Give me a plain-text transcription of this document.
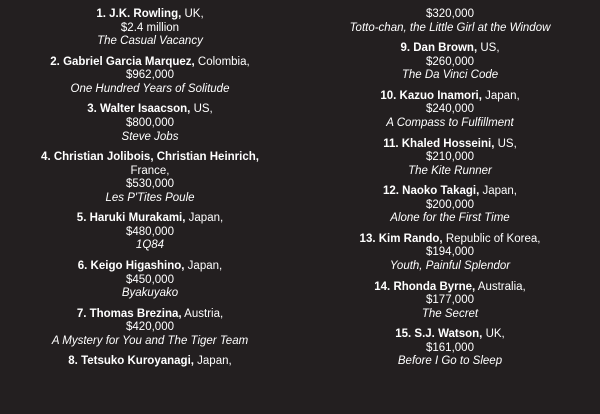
1. J.K. Rowling, UK,
$2.4 million
The Casual Vacancy
2. Gabriel Garcia Marquez, Colombia,
$962,000
One Hundred Years of Solitude
3. Walter Isaacson, US,
$800,000
Steve Jobs
4. Christian Jolibois, Christian Heinrich,
France,
$530,000
Les P'Tites Poule
5. Haruki Murakami, Japan,
$480,000
1Q84
6. Keigo Higashino, Japan,
$450,000
Byakuyako
7. Thomas Brezina, Austria,
$420,000
A Mystery for You and The Tiger Team
8. Tetsuko Kuroyanagi, Japan,
$320,000
Totto-chan, the Little Girl at the Window
9. Dan Brown, US,
$260,000
The Da Vinci Code
10. Kazuo Inamori, Japan,
$240,000
A Compass to Fulfillment
11. Khaled Hosseini, US,
$210,000
The Kite Runner
12. Naoko Takagi, Japan,
$200,000
Alone for the First Time
13. Kim Rando, Republic of Korea,
$194,000
Youth, Painful Splendor
14. Rhonda Byrne, Australia,
$177,000
The Secret
15. S.J. Watson, UK,
$161,000
Before I Go to Sleep
